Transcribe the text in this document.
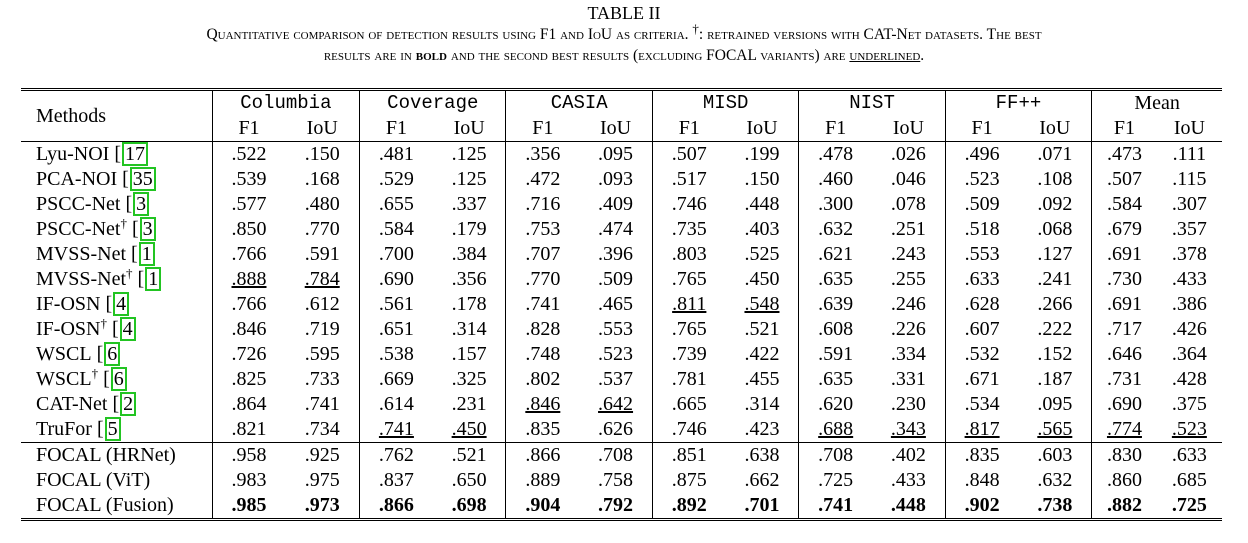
TABLE II
Quantitative comparison of detection results using F1 and IoU as criteria. †: retrained versions with CAT-Net datasets. The best
results are in bold and the second best results (excluding FOCAL variants) are underlined.
Methods	Columbia		Coverage		CASIA		MISD		NIST		FF++		Mean	
	F1	IoU	F1	IoU	F1	IoU	F1	IoU	F1	IoU	F1	IoU	F1	IoU
Lyu-NOI [ 17	.522	.150	.481	.125	.356	.095	.507	.199	.478	.026	.496	.071	.473	.111
PCA-NOI [ 35	.539	.168	.529	.125	.472	.093	.517	.150	.460	.046	.523	.108	.507	.115
PSCC-Net [ 3	.577	.480	.655	.337	.716	.409	.746	.448	.300	.078	.509	.092	.584	.307
PSCC-Net† [ 3	.850	.770	.584	.179	.753	.474	.735	.403	.632	.251	.518	.068	.679	.357
MVSS-Net [ 1	.766	.591	.700	.384	.707	.396	.803	.525	.621	.243	.553	.127	.691	.378
MVSS-Net† [ 1	.888	.784	.690	.356	.770	.509	.765	.450	.635	.255	.633	.241	.730	.433
IF-OSN [ 4	.766	.612	.561	.178	.741	.465	.811	.548	.639	.246	.628	.266	.691	.386
IF-OSN† [ 4	.846	.719	.651	.314	.828	.553	.765	.521	.608	.226	.607	.222	.717	.426
WSCL [ 6	.726	.595	.538	.157	.748	.523	.739	.422	.591	.334	.532	.152	.646	.364
WSCL† [ 6	.825	.733	.669	.325	.802	.537	.781	.455	.635	.331	.671	.187	.731	.428
CAT-Net [ 2	.864	.741	.614	.231	.846	.642	.665	.314	.620	.230	.534	.095	.690	.375
TruFor [ 5	.821	.734	.741	.450	.835	.626	.746	.423	.688	.343	.817	.565	.774	.523
FOCAL (HRNet)	.958	.925	.762	.521	.866	.708	.851	.638	.708	.402	.835	.603	.830	.633
FOCAL (ViT)	.983	.975	.837	.650	.889	.758	.875	.662	.725	.433	.848	.632	.860	.685
FOCAL (Fusion)	.985	.973	.866	.698	.904	.792	.892	.701	.741	.448	.902	.738	.882	.725
